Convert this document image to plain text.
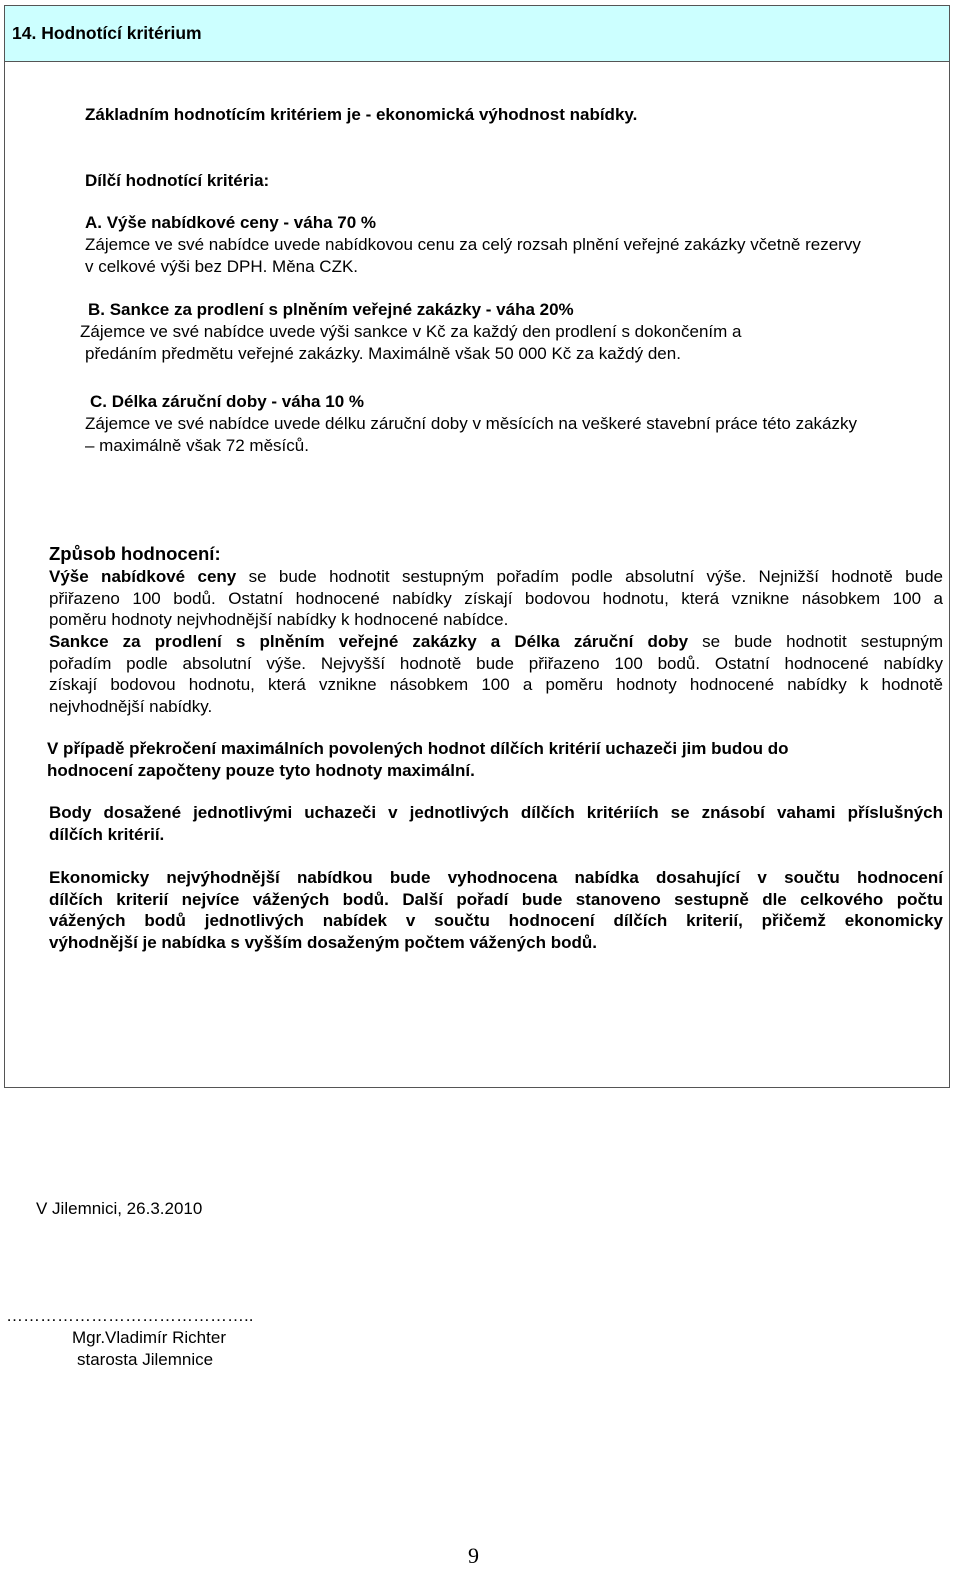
14. Hodnotící kritérium
Základním hodnotícím kritériem je - ekonomická výhodnost nabídky.
Dílčí hodnotící kritéria:
A. Výše nabídkové ceny - váha 70 %
Zájemce ve své nabídce uvede nabídkovou cenu za celý rozsah plnění veřejné zakázky včetně rezervy
v celkové výši bez DPH. Měna CZK.
B. Sankce za prodlení s plněním veřejné zakázky - váha 20%
Zájemce ve své nabídce uvede výši sankce v Kč za každý den prodlení s dokončením a
předáním předmětu veřejné zakázky. Maximálně však 50 000 Kč za každý den.
C. Délka záruční doby - váha 10 %
Zájemce ve své nabídce uvede délku záruční doby v měsících na veškeré stavební práce této zakázky
– maximálně však 72 měsíců.
Způsob hodnocení:
Výše nabídkové ceny se bude hodnotit sestupným pořadím podle absolutní výše. Nejnižší hodnotě bude
přiřazeno 100 bodů. Ostatní hodnocené nabídky získají bodovou hodnotu, která vznikne násobkem 100 a
poměru hodnoty nejvhodnější nabídky k hodnocené nabídce.
Sankce za prodlení s plněním veřejné zakázky a Délka záruční doby se bude hodnotit sestupným
pořadím podle absolutní výše. Nejvyšší hodnotě bude přiřazeno 100 bodů. Ostatní hodnocené nabídky
získají bodovou hodnotu, která vznikne násobkem 100 a poměru hodnoty hodnocené nabídky k hodnotě
nejvhodnější nabídky.
V případě překročení maximálních povolených hodnot dílčích kritérií uchazeči jim budou do
hodnocení započteny pouze tyto hodnoty maximální.
Body dosažené jednotlivými uchazeči v jednotlivých dílčích kritériích se znásobí vahami příslušných
dílčích kritérií.
Ekonomicky nejvýhodnější nabídkou bude vyhodnocena nabídka dosahující v součtu hodnocení
dílčích kriterií nejvíce vážených bodů. Další pořadí bude stanoveno sestupně dle celkového počtu
vážených bodů jednotlivých nabídek v součtu hodnocení dílčích kriterií, přičemž ekonomicky
výhodnější je nabídka s vyšším dosaženým počtem vážených bodů.
V Jilemnici, 26.3.2010
……………………………………..
Mgr.Vladimír Richter
starosta Jilemnice
9
